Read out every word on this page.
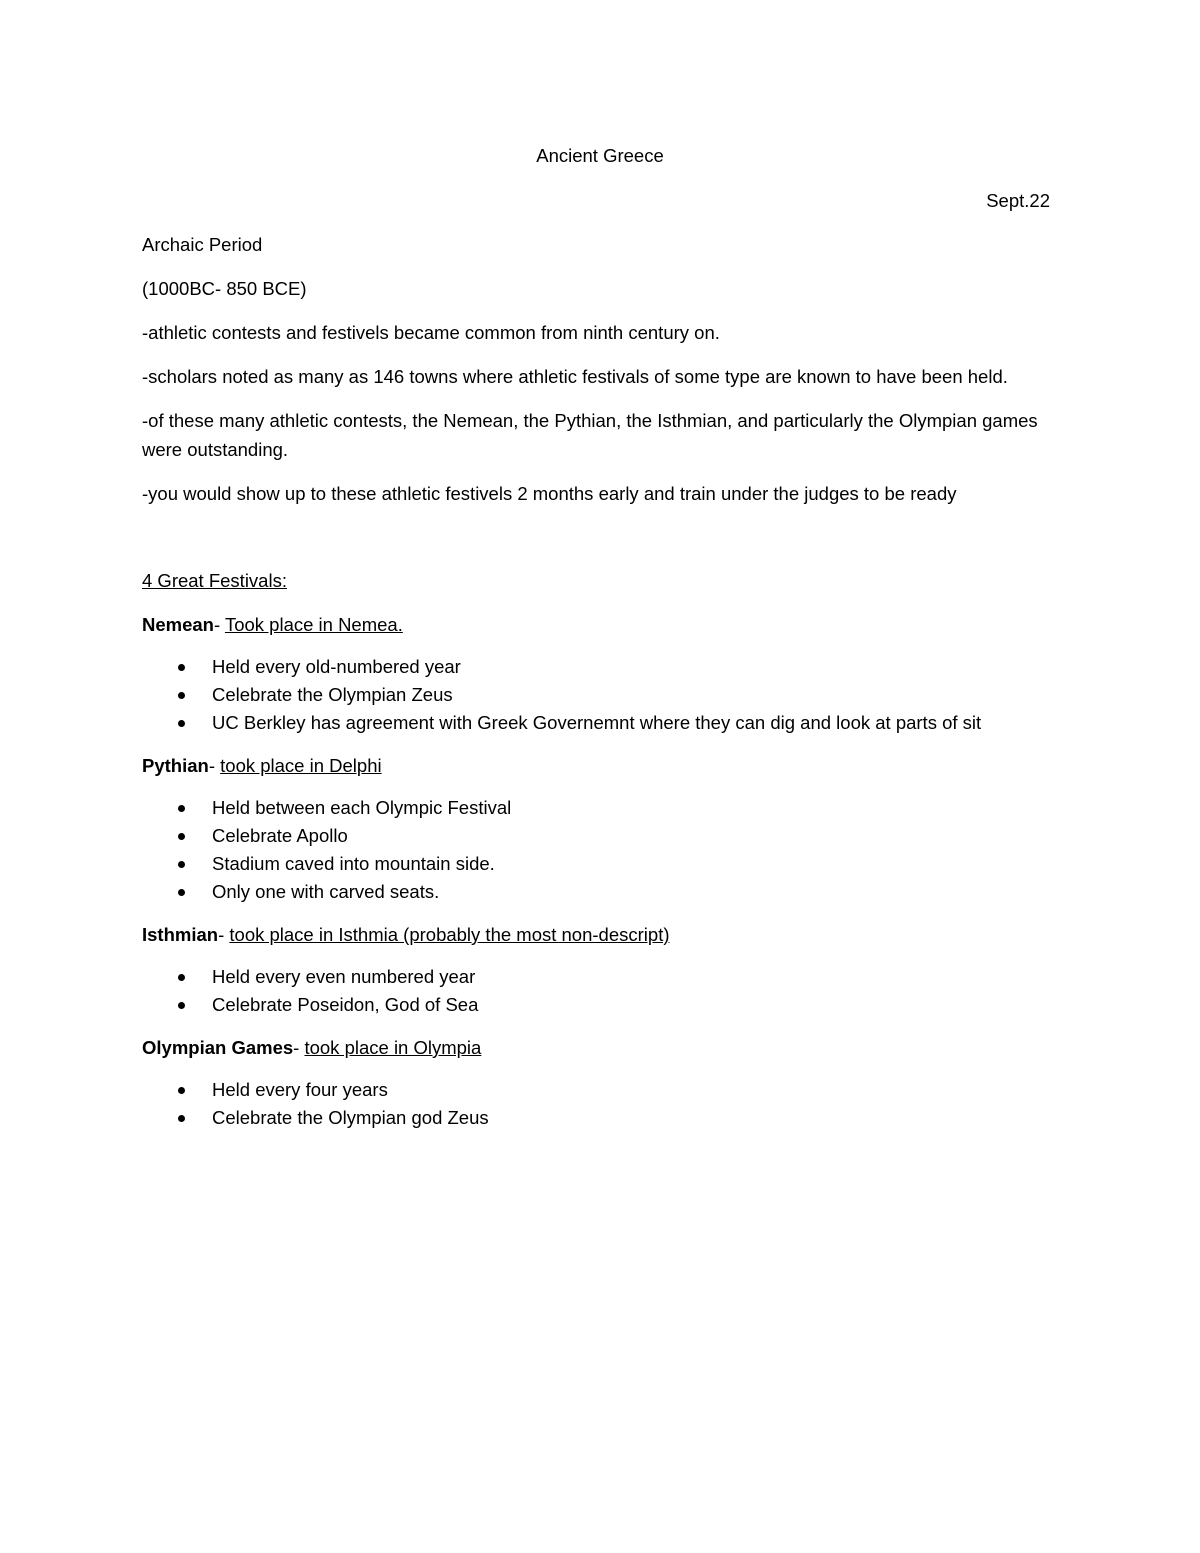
Ancient Greece
Sept.22

Archaic Period

(1000BC- 850 BCE)

-athletic contests and festivels became common from ninth century on.

-scholars noted as many as 146 towns where athletic festivals of some type are known to have been held.

-of these many athletic contests, the Nemean, the Pythian, the Isthmian, and particularly the Olympian games were outstanding.

-you would show up to these athletic festivels 2 months early and train under the judges to be ready

4 Great Festivals:

Nemean- Took place in Nemea.

Held every old-numbered year
Celebrate the Olympian Zeus
UC Berkley has agreement with Greek Governemnt where they can dig and look at parts of sit

Pythian- took place in Delphi

Held between each Olympic Festival
Celebrate Apollo
Stadium caved into mountain side.
Only one with carved seats.

Isthmian- took place in Isthmia (probably the most non-descript)

Held every even numbered year
Celebrate Poseidon, God of Sea

Olympian Games- took place in Olympia

Held every four years
Celebrate the Olympian god Zeus
